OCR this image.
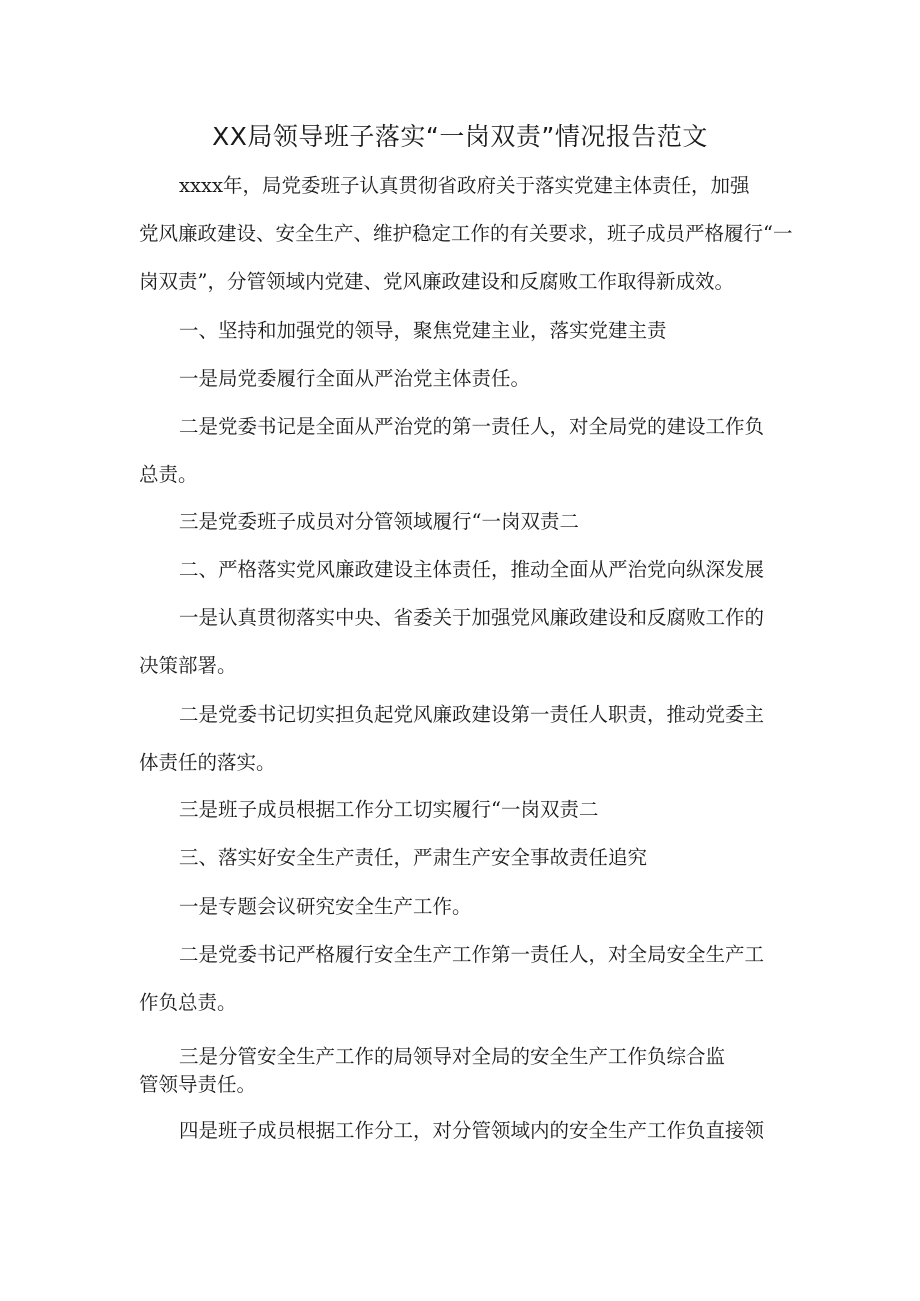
XX局领导班子落实“一岗双责”情况报告范文
xxxx年，局党委班子认真贯彻省政府关于落实党建主体责任，加强
党风廉政建设、安全生产、维护稳定工作的有关要求，班子成员严格履行“一
岗双责”，分管领域内党建、党风廉政建设和反腐败工作取得新成效。
一、坚持和加强党的领导，聚焦党建主业，落实党建主责
一是局党委履行全面从严治党主体责任。
二是党委书记是全面从严治党的第一责任人，对全局党的建设工作负
总责。
三是党委班子成员对分管领域履行“一岗双责二
二、严格落实党风廉政建设主体责任，推动全面从严治党向纵深发展
一是认真贯彻落实中央、省委关于加强党风廉政建设和反腐败工作的
决策部署。
二是党委书记切实担负起党风廉政建设第一责任人职责，推动党委主
体责任的落实。
三是班子成员根据工作分工切实履行“一岗双责二
三、落实好安全生产责任，严肃生产安全事故责任追究
一是专题会议研究安全生产工作。
二是党委书记严格履行安全生产工作第一责任人，对全局安全生产工
作负总责。
三是分管安全生产工作的局领导对全局的安全生产工作负综合监
管领导责任。
四是班子成员根据工作分工，对分管领域内的安全生产工作负直接领
